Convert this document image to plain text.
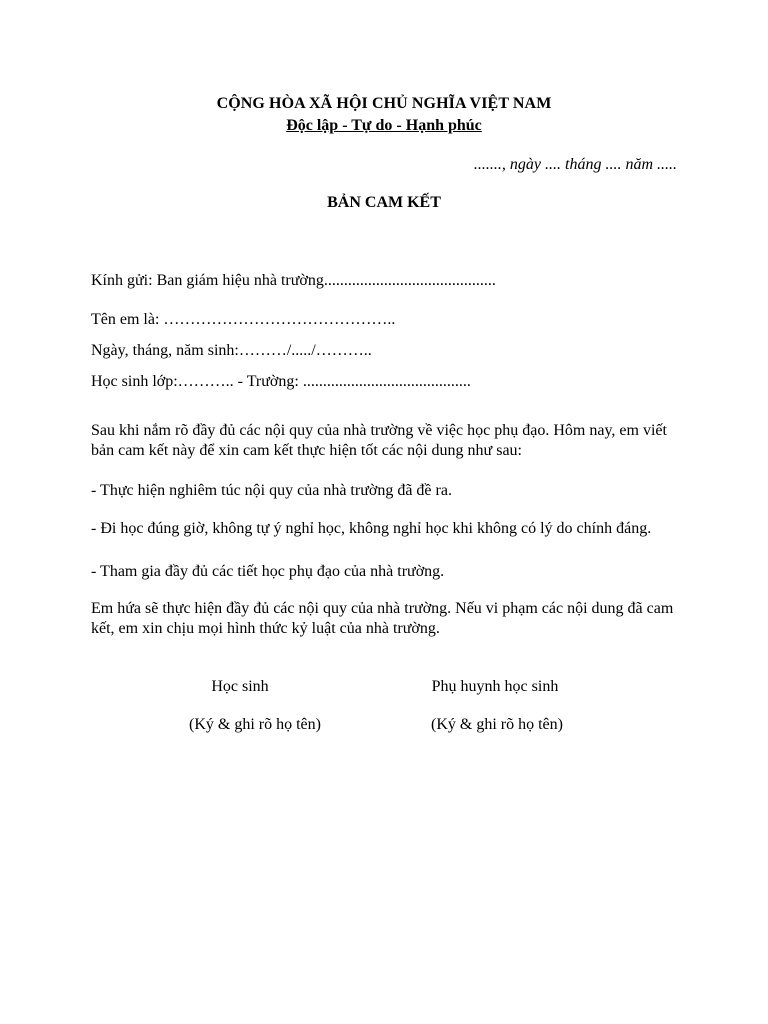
CỘNG HÒA XÃ HỘI CHỦ NGHĨA VIỆT NAM
Độc lập - Tự do - Hạnh phúc
......., ngày .... tháng .... năm .....
BẢN CAM KẾT
Kính gửi: Ban giám hiệu nhà trường...........................................
Tên em là: ……………………………………..
Ngày, tháng, năm sinh:………/...../………..
Học sinh lớp:……….. - Trường: ..........................................
Sau khi nắm rõ đầy đủ các nội quy của nhà trường về việc học phụ đạo. Hôm nay, em viết bản cam kết này để xin cam kết thực hiện tốt các nội dung như sau:
- Thực hiện nghiêm túc nội quy của nhà trường đã đề ra.
- Đi học đúng giờ, không tự ý nghỉ học, không nghỉ học khi không có lý do chính đáng.
- Tham gia đầy đủ các tiết học phụ đạo của nhà trường.
Em hứa sẽ thực hiện đầy đủ các nội quy của nhà trường. Nếu vi phạm các nội dung đã cam kết, em xin chịu mọi hình thức kỷ luật của nhà trường.
Học sinh
(Ký & ghi rõ họ tên)
Phụ huynh học sinh
(Ký & ghi rõ họ tên)
